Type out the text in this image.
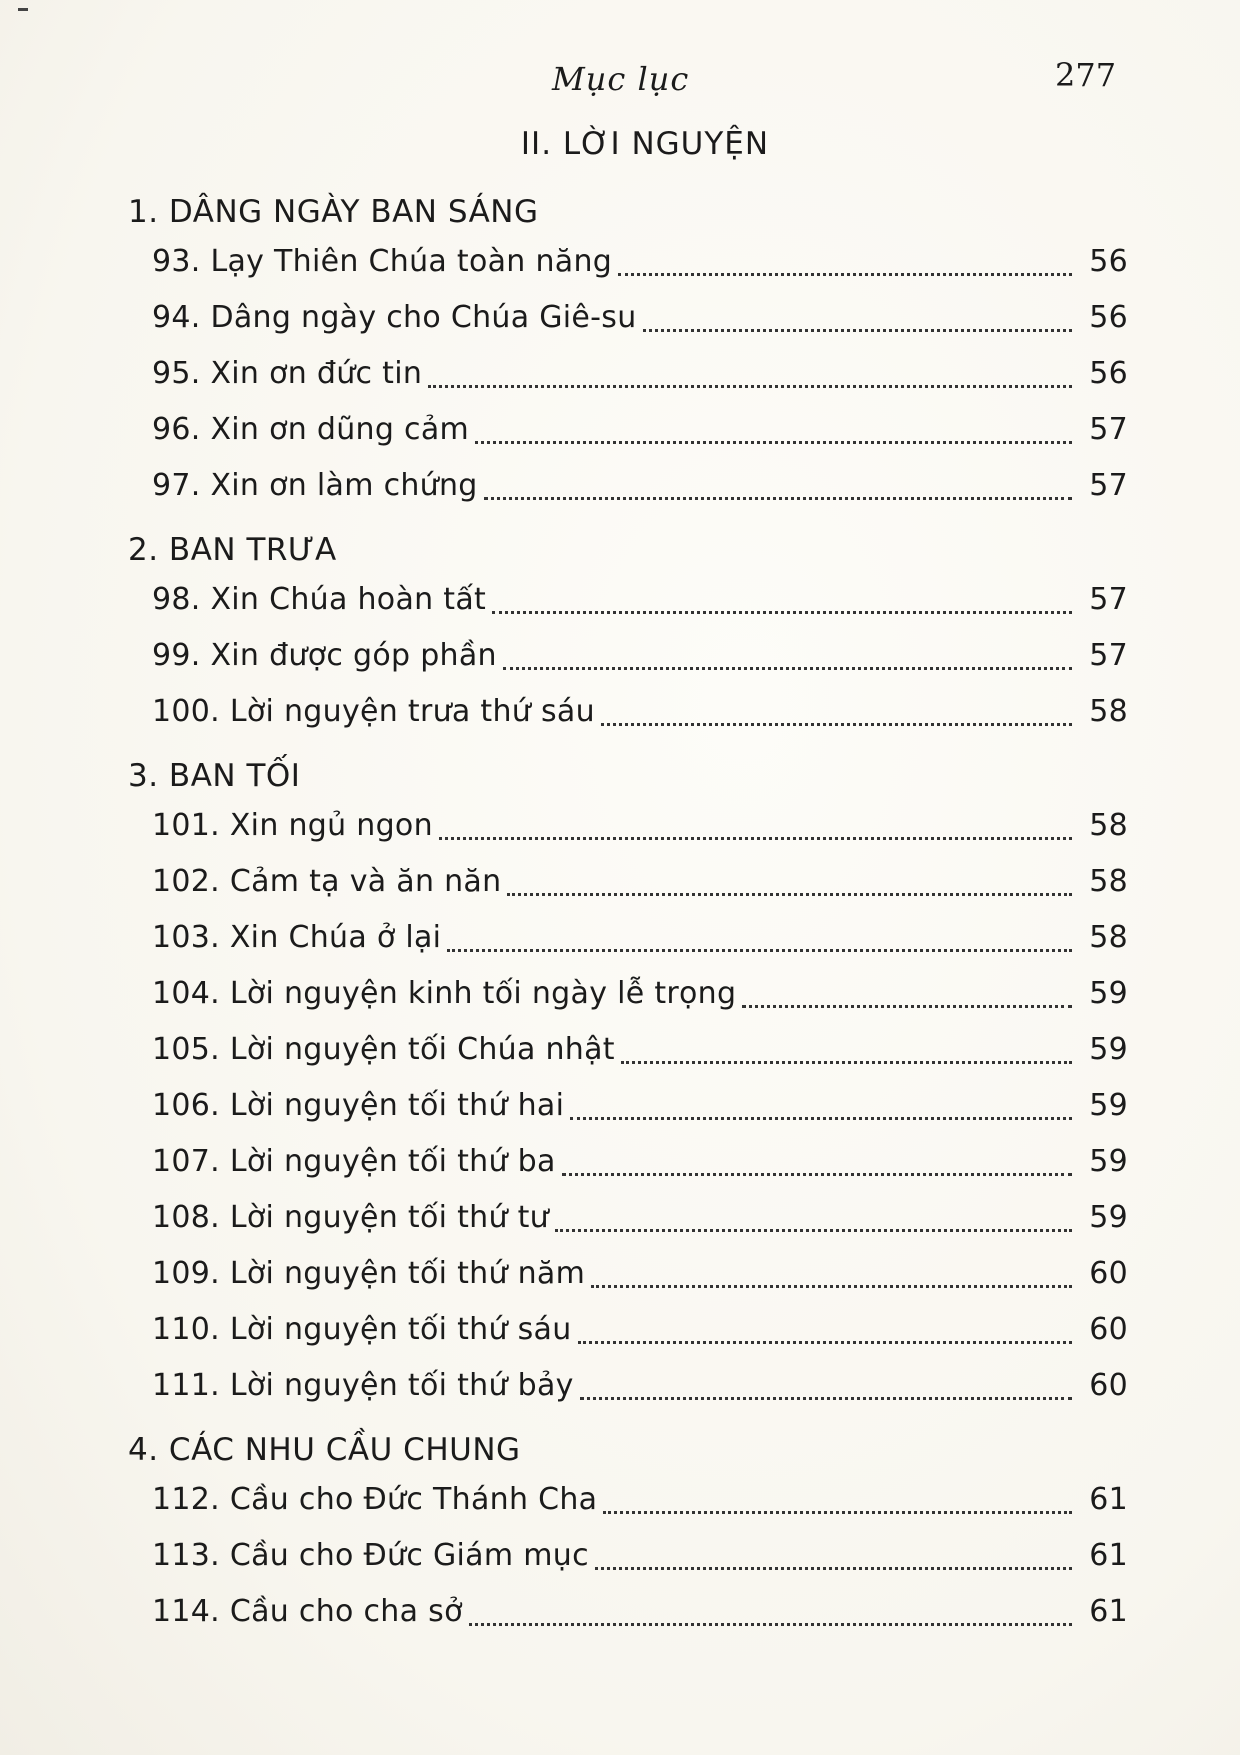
Mục lục	277
II. LỜI NGUYỆN
1. DÂNG NGÀY BAN SÁNG
93. Lạy Thiên Chúa toàn năng	56
94. Dâng ngày cho Chúa Giê-su	56
95. Xin ơn đức tin	56
96. Xin ơn dũng cảm	57
97. Xin ơn làm chứng	57
2. BAN TRƯA
98. Xin Chúa hoàn tất	57
99. Xin được góp phần	57
100. Lời nguyện trưa thứ sáu	58
3. BAN TỐI
101. Xin ngủ ngon	58
102. Cảm tạ và ăn năn	58
103. Xin Chúa ở lại	58
104. Lời nguyện kinh tối ngày lễ trọng	59
105. Lời nguyện tối Chúa nhật	59
106. Lời nguyện tối thứ hai	59
107. Lời nguyện tối thứ ba	59
108. Lời nguyện tối thứ tư	59
109. Lời nguyện tối thứ năm	60
110. Lời nguyện tối thứ sáu	60
111. Lời nguyện tối thứ bảy	60
4. CÁC NHU CẦU CHUNG
112. Cầu cho Đức Thánh Cha	61
113. Cầu cho Đức Giám mục	61
114. Cầu cho cha sở	61
